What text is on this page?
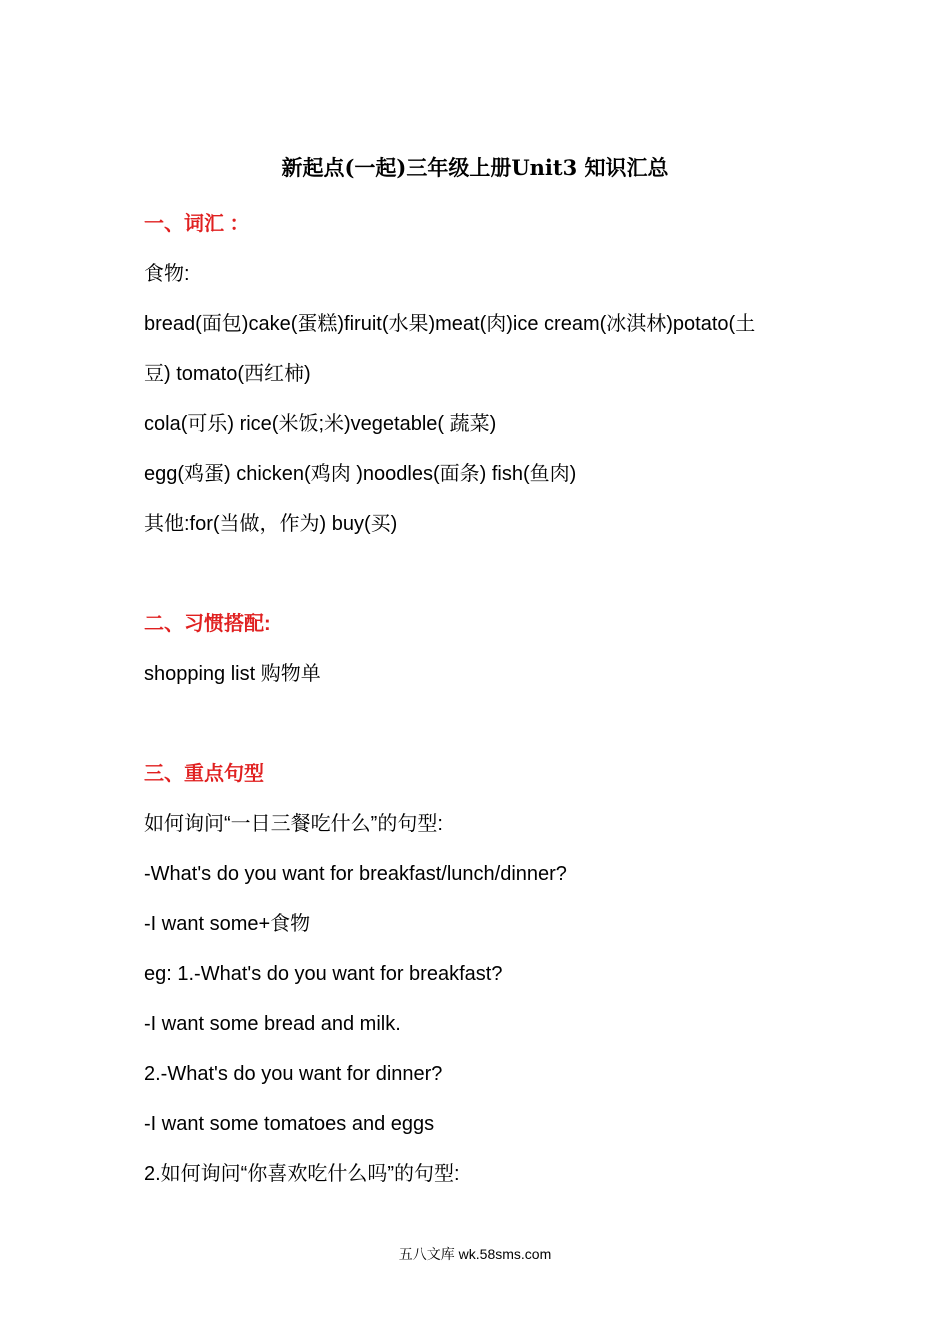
新起点(一起)三年级上册Unit3 知识汇总
一、词汇 ：
食物:
bread(面包)cake(蛋糕)firuit(水果)meat(肉)ice cream(冰淇林)potato(土
豆) tomato(西红柿)
cola(可乐) rice(米饭;米)vegetable( 蔬菜)
egg(鸡蛋) chicken(鸡肉 )noodles(面条) fish(鱼肉)
其他:for(当做，作为) buy(买)
二、习惯搭配:
shopping list 购物单
三、重点句型
如何询问“一日三餐吃什么”的句型:
-What's do you want for breakfast/lunch/dinner?
-I want some+食物
eg: 1.-What's do you want for breakfast?
-I want some bread and milk.
2.-What's do you want for dinner?
-I want some tomatoes and eggs
2.如何询问“你喜欢吃什么吗”的句型:
五八文库 wk.58sms.com
